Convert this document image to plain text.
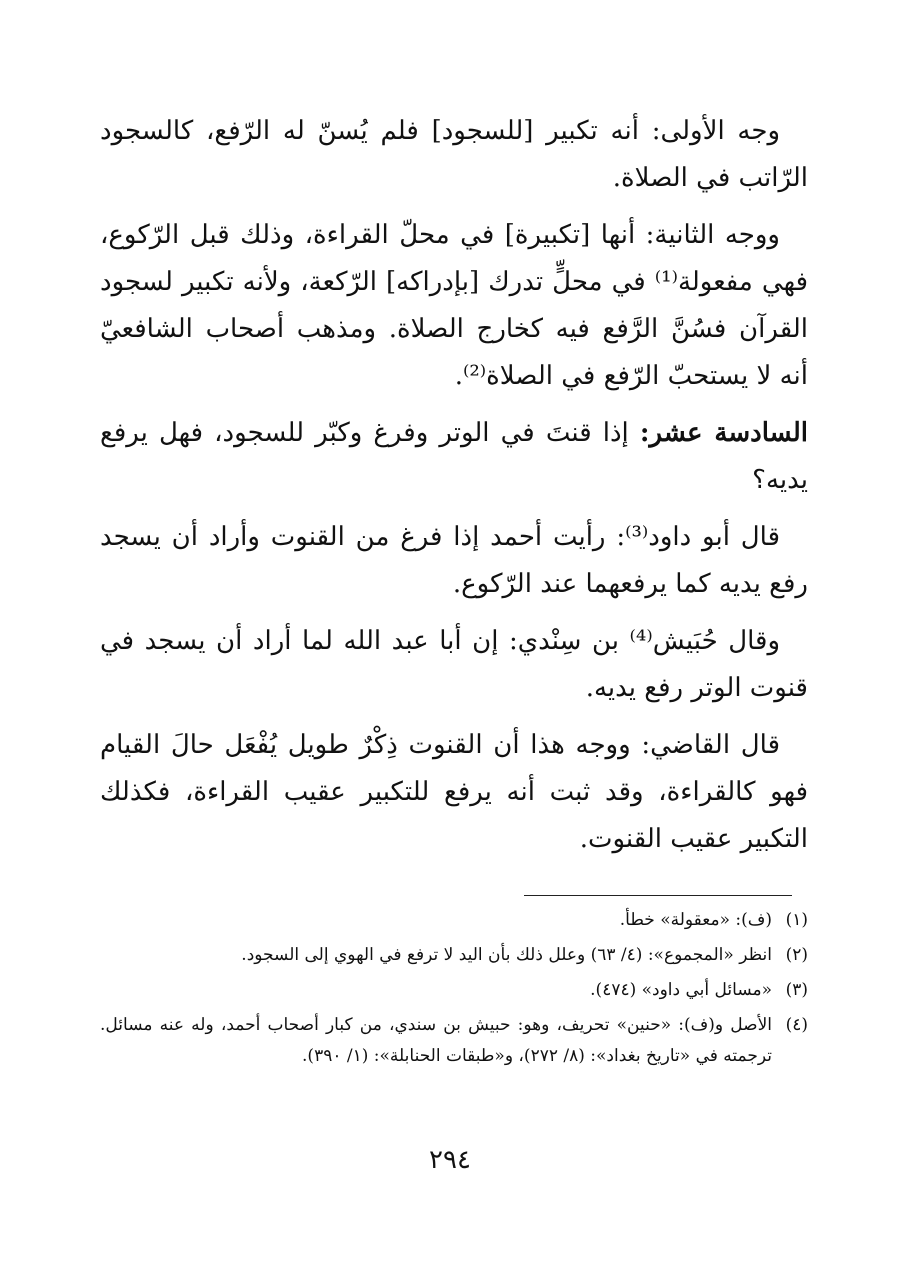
وجه الأولى: أنه تكبير [للسجود] فلم يُسنّ له الرّفع، كالسجود الرّاتب في الصلاة.

ووجه الثانية: أنها [تكبيرة] في محلّ القراءة، وذلك قبل الرّكوع، فهي مفعولة⁽¹⁾ في محلٍّ تدرك [بإدراكه] الرّكعة، ولأنه تكبير لسجود القرآن فسُنَّ الرَّفع فيه كخارج الصلاة. ومذهب أصحاب الشافعيّ أنه لا يستحبّ الرّفع في الصلاة⁽²⁾.

السادسة عشر: إذا قنتَ في الوتر وفرغ وكبّر للسجود، فهل يرفع يديه؟

قال أبو داود⁽³⁾: رأيت أحمد إذا فرغ من القنوت وأراد أن يسجد رفع يديه كما يرفعهما عند الرّكوع.

وقال حُبَيش⁽⁴⁾ بن سِنْدي: إن أبا عبد الله لما أراد أن يسجد في قنوت الوتر رفع يديه.

قال القاضي: ووجه هذا أن القنوت ذِكْرٌ طويل يُفْعَل حالَ القيام فهو كالقراءة، وقد ثبت أنه يرفع للتكبير عقيب القراءة، فكذلك التكبير عقيب القنوت.

(١)
(ف): «معقولة» خطأ.
(٢)
انظر «المجموع»: (٤/ ٦٣) وعلل ذلك بأن اليد لا ترفع في الهوي إلى السجود.
(٣)
«مسائل أبي داود» (٤٧٤).
(٤)
الأصل و(ف): «حنين» تحريف، وهو: حبيش بن سندي، من كبار أصحاب أحمد، وله عنه مسائل. ترجمته في «تاريخ بغداد»: (٨/ ٢٧٢)، و«طبقات الحنابلة»: (١/ ٣٩٠).
٢٩٤
